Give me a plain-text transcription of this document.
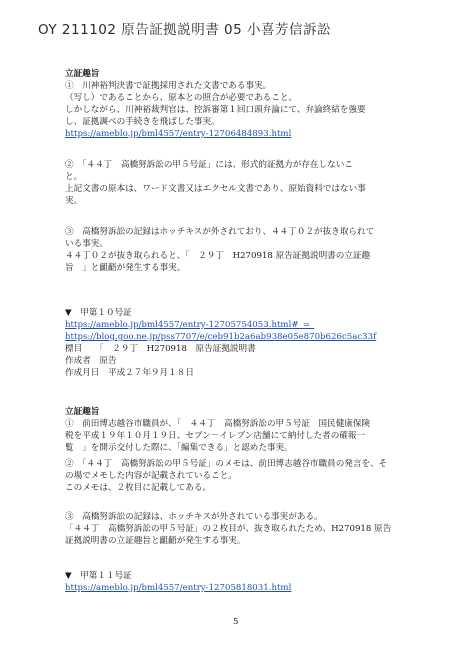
OY 211102 原告証拠説明書 05 小喜芳信訴訟
立証趣旨
①　川神裕判決書で証拠採用された文書である事実。
（写し）であることから、原本との照合が必要であること。
しかしながら、川神裕裁判官は、控訴審第１回口頭弁論にて、弁論終結を強要
し、証拠調べの手続きを飛ばした事実。
https://ameblo.jp/bml4557/entry-12706484893.html
②　「４４丁　高橋努訴訟の甲５号証」には、形式的証拠力が存在しないこ
と。
上記文書の原本は、ワード文書又はエクセル文書であり、原始資料ではない事
実。
③　高橋努訴訟の記録はホッチキスが外されており、４４丁０２が抜き取られて
いる事実。
４４丁０２が抜き取られると、「　２９丁　H270918 原告証拠説明書の立証趣
旨　」と齟齬が発生する事実。
▼　甲第１０号証
https://ameblo.jp/bml4557/entry-12705754053.html#_=_
https://blog.goo.ne.jp/pss7707/e/ceb91b2a6ab938e05e870b626c5ac33f
標目　　「　２９丁　H270918　原告証拠説明書
作成者　原告
作成月日　平成２７年９月１８日
立証趣旨
①　前田博志越谷市職員が、「　４４丁　高橋努訴訟の甲５号証　国民健康保険
税を平成１９年１０月１９日、セブン－イレブン店舗にて納付した者の確報一
覧　」を開示交付した際に、「編集できる」と認めた事実。
②　「４４丁　高橋努訴訟の甲５号証」のメモは、前田博志越谷市職員の発言を、そ
の場でメモした内容が記載されていること。
このメモは、２枚目に記載してある。
③　高橋努訴訟の記録は、ホッチキスが外されている事実がある。
「４４丁　高橋努訴訟の甲５号証」の２枚目が、抜き取られたため、H270918 原告
証拠説明書の立証趣旨と齟齬が発生する事実。
▼　甲第１１号証
https://ameblo.jp/bml4557/entry-12705818031.html
5
